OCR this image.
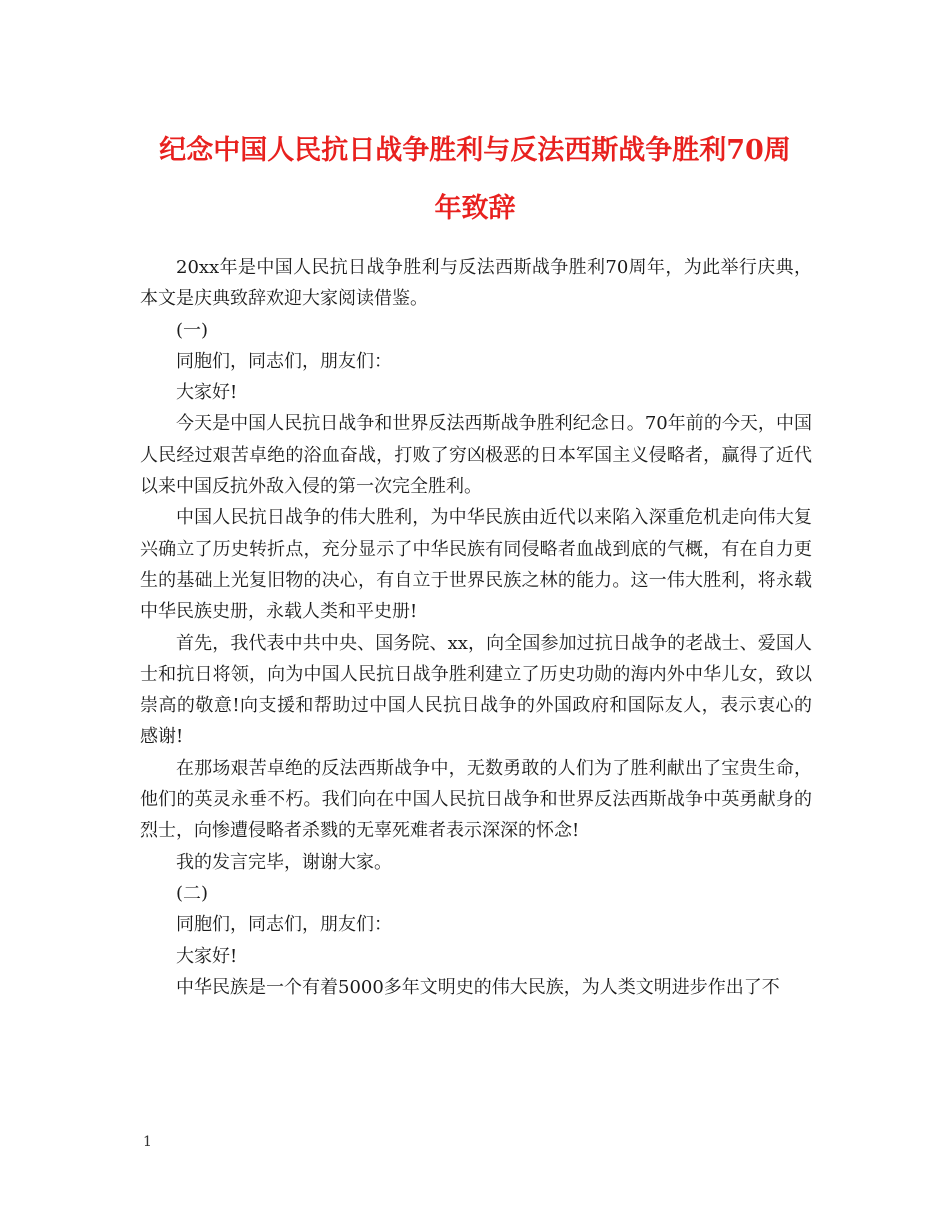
纪念中国人民抗日战争胜利与反法西斯战争胜利70周
年致辞

20xx年是中国人民抗日战争胜利与反法西斯战争胜利70周年，为此举行庆典，本文是庆典致辞欢迎大家阅读借鉴。

(一)

同胞们，同志们，朋友们：

大家好!

今天是中国人民抗日战争和世界反法西斯战争胜利纪念日。70年前的今天，中国人民经过艰苦卓绝的浴血奋战，打败了穷凶极恶的日本军国主义侵略者，赢得了近代以来中国反抗外敌入侵的第一次完全胜利。

中国人民抗日战争的伟大胜利，为中华民族由近代以来陷入深重危机走向伟大复兴确立了历史转折点，充分显示了中华民族有同侵略者血战到底的气概，有在自力更生的基础上光复旧物的决心，有自立于世界民族之林的能力。这一伟大胜利，将永载中华民族史册，永载人类和平史册!

首先，我代表中共中央、国务院、xx，向全国参加过抗日战争的老战士、爱国人士和抗日将领，向为中国人民抗日战争胜利建立了历史功勋的海内外中华儿女，致以崇高的敬意!向支援和帮助过中国人民抗日战争的外国政府和国际友人，表示衷心的感谢!

在那场艰苦卓绝的反法西斯战争中，无数勇敢的人们为了胜利献出了宝贵生命，他们的英灵永垂不朽。我们向在中国人民抗日战争和世界反法西斯战争中英勇献身的烈士，向惨遭侵略者杀戮的无辜死难者表示深深的怀念!

我的发言完毕，谢谢大家。

(二)

同胞们，同志们，朋友们：

大家好!

中华民族是一个有着5000多年文明史的伟大民族，为人类文明进步作出了不

1
